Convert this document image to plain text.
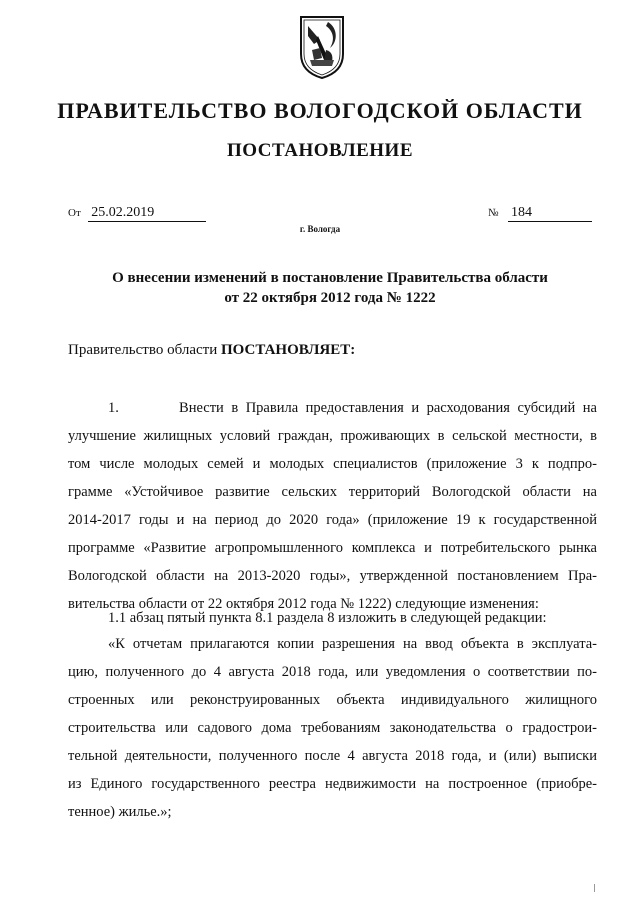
ПРАВИТЕЛЬСТВО ВОЛОГОДСКОЙ ОБЛАСТИ
ПОСТАНОВЛЕНИЕ
От 25.02.2019	№ 184
г. Вологда
О внесении изменений в постановление Правительства области
от 22 октября 2012 года № 1222
Правительство области ПОСТАНОВЛЯЕТ:
1.        Внести в Правила предоставления и расходования субсидий на
улучшение жилищных условий граждан, проживающих в сельской местности, в
том числе молодых семей и молодых специалистов (приложение 3 к подпро-
грамме «Устойчивое развитие сельских территорий Вологодской области на
2014-2017 годы и на период до 2020 года» (приложение 19 к государственной
программе «Развитие агропромышленного комплекса и потребительского рынка
Вологодской области на 2013-2020 годы», утвержденной постановлением Пра-
вительства области от 22 октября 2012 года № 1222) следующие изменения:
1.1 абзац пятый пункта 8.1 раздела 8 изложить в следующей редакции:
«К отчетам прилагаются копии разрешения на ввод объекта в эксплуата-
цию, полученного до 4 августа 2018 года, или уведомления о соответствии по-
строенных или реконструированных объекта индивидуального жилищного
строительства или садового дома требованиям законодательства о градострои-
тельной деятельности, полученного после 4 августа 2018 года, и (или) выписки
из Единого государственного реестра недвижимости на построенное (приобре-
тенное) жилье.»;
